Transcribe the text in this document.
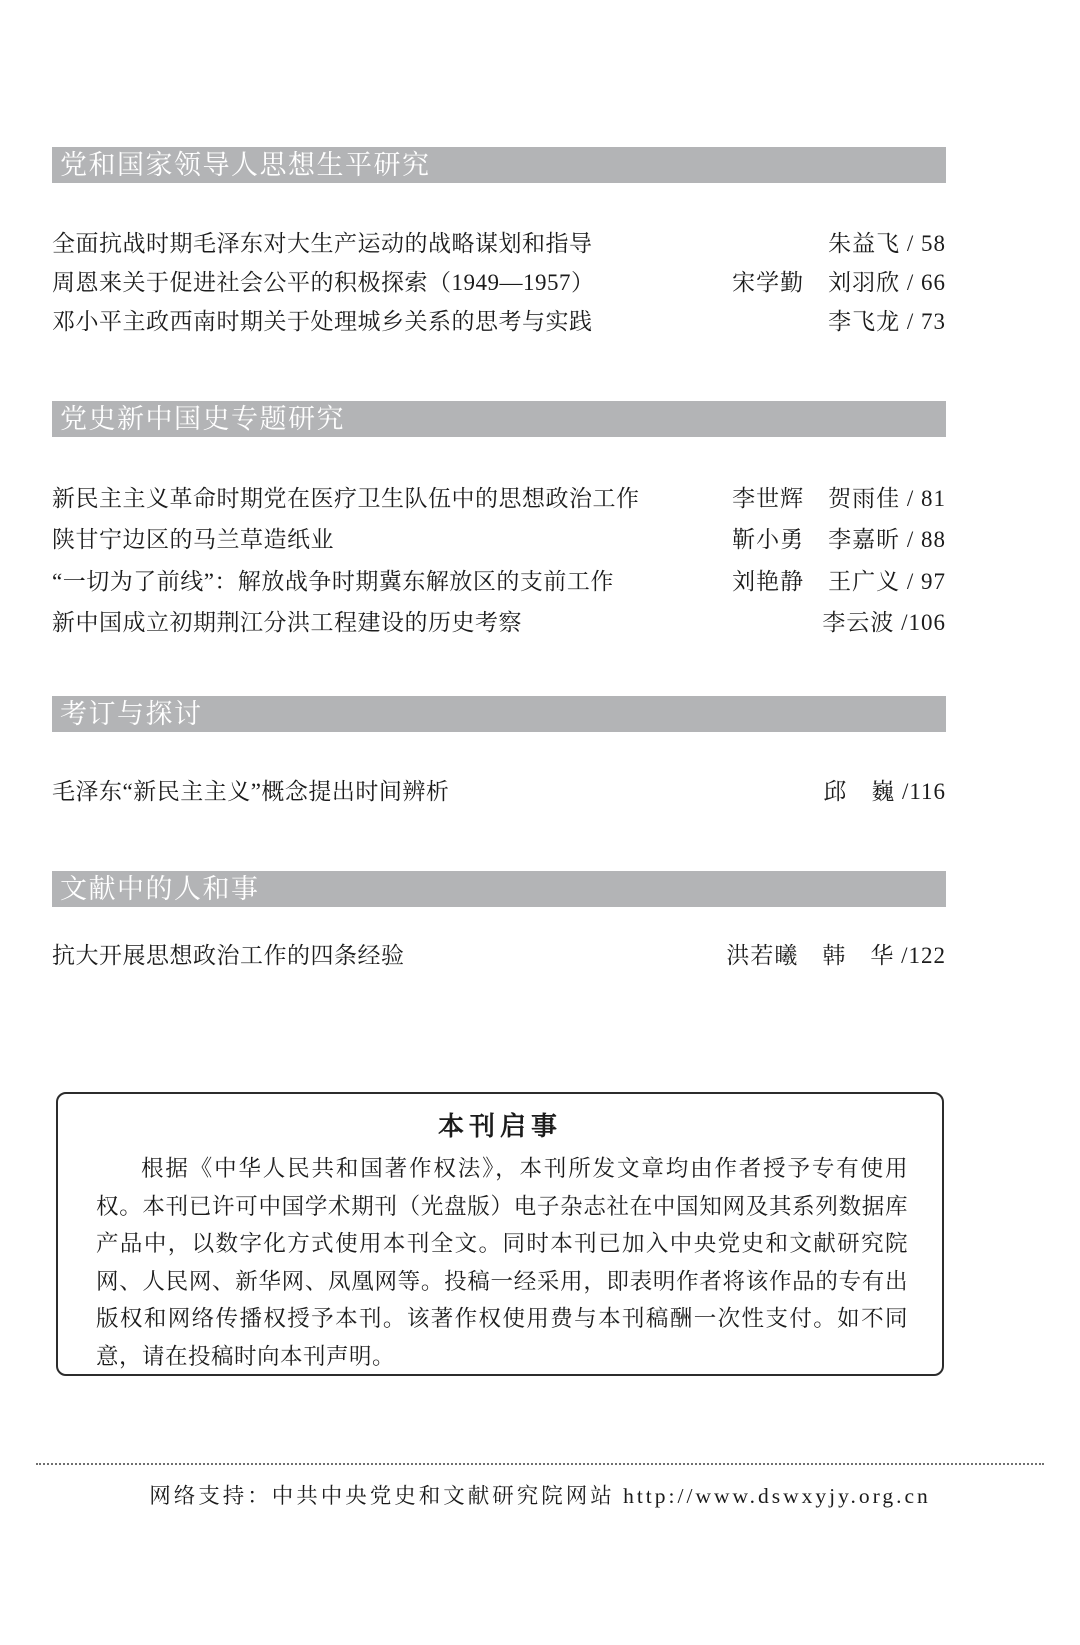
党和国家领导人思想生平研究
全面抗战时期毛泽东对大生产运动的战略谋划和指导	朱益飞 / 58
周恩来关于促进社会公平的积极探索（1949—1957）	宋学勤　刘羽欣 / 66
邓小平主政西南时期关于处理城乡关系的思考与实践	李飞龙 / 73
党史新中国史专题研究
新民主主义革命时期党在医疗卫生队伍中的思想政治工作	李世辉　贺雨佳 / 81
陕甘宁边区的马兰草造纸业	靳小勇　李嘉昕 / 88
“一切为了前线”：解放战争时期冀东解放区的支前工作	刘艳静　王广义 / 97
新中国成立初期荆江分洪工程建设的历史考察	李云波 /106
考订与探讨
毛泽东“新民主主义”概念提出时间辨析	邱　巍 /116
文献中的人和事
抗大开展思想政治工作的四条经验	洪若曦　韩　华 /122
本刊启事
根据《中华人民共和国著作权法》，本刊所发文章均由作者授予专有使用权。本刊已许可中国学术期刊（光盘版）电子杂志社在中国知网及其系列数据库产品中，以数字化方式使用本刊全文。同时本刊已加入中央党史和文献研究院网、人民网、新华网、凤凰网等。投稿一经采用，即表明作者将该作品的专有出版权和网络传播权授予本刊。该著作权使用费与本刊稿酬一次性支付。如不同意，请在投稿时向本刊声明。
网络支持：中共中央党史和文献研究院网站 http://www.dswxyjy.org.cn
